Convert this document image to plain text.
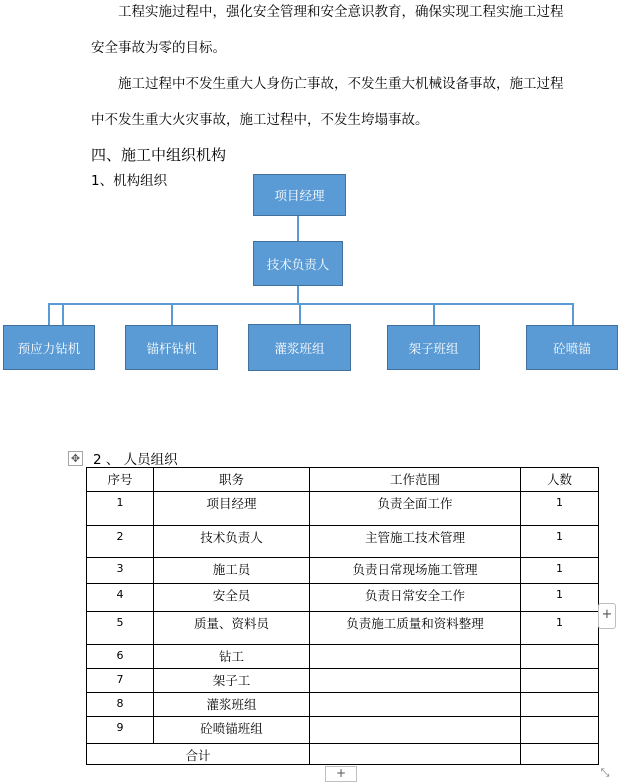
工程实施过程中，强化安全管理和安全意识教育，确保实现工程实施工过程

安全事故为零的目标。

施工过程中不发生重大人身伤亡事故，不发生重大机械设备事故，施工过程

中不发生重大火灾事故，施工过程中，不发生垮塌事故。

四、施工中组织机构
1、机构组织
项目经理
技术负责人
预应力钻机	锚杆钻机	灌浆班组	架子班组	砼喷锚
✥ 2 、 人员组织
序号	职务	工作范围	人数
1	项目经理	负责全面工作	1
2	技术负责人	主管施工技术管理	1
3	施工员	负责日常现场施工管理	1
4	安全员	负责日常安全工作	1
5	质量、资料员	负责施工质量和资料整理	1
6	钻工		
7	架子工		
8	灌浆班组		
9	砼喷锚班组		
合计			
+
+	⤡
